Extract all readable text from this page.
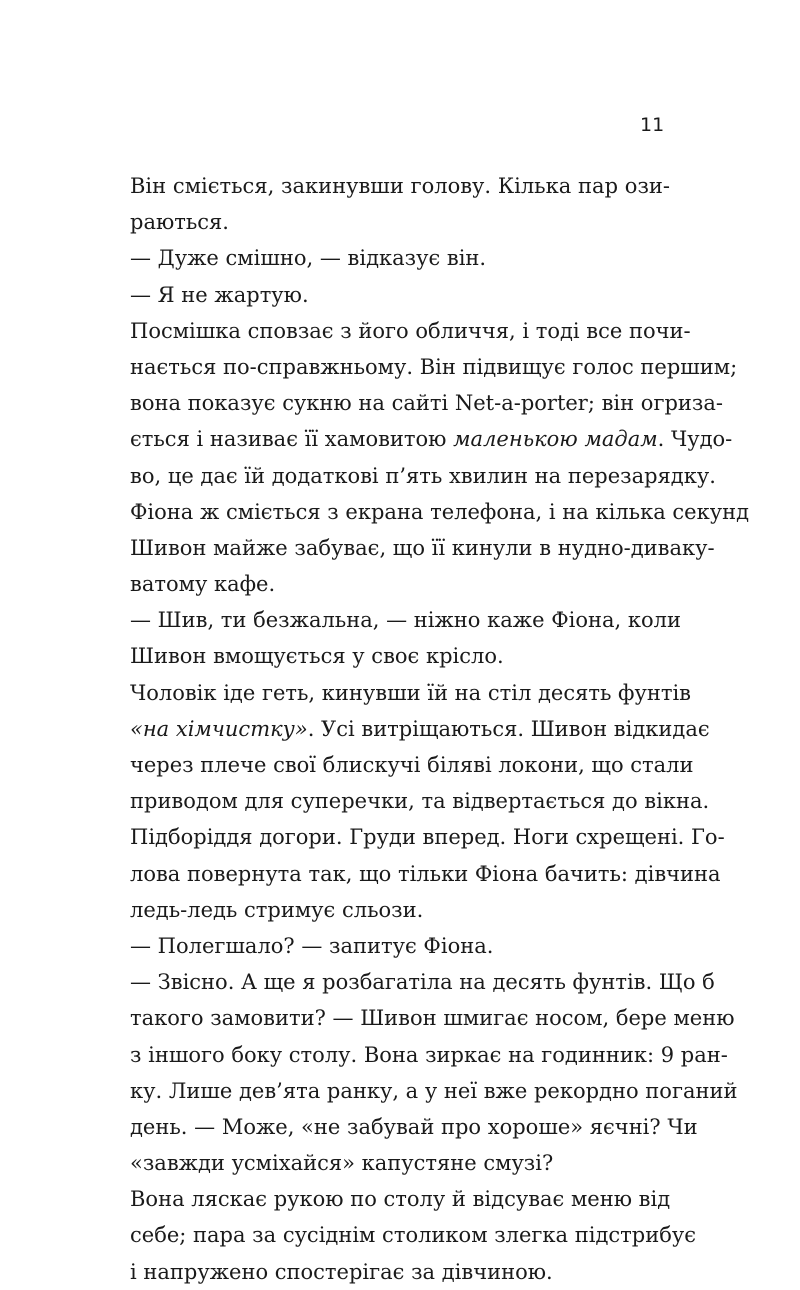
11
Він сміється, закинувши голову. Кілька пар ози-
раються.
— Дуже смішно, — відказує він.
— Я не жартую.
Посмішка сповзає з його обличчя, і тоді все почи-
нається по-справжньому. Він підвищує голос першим;
вона показує сукню на сайті Net-a-porter; він огриза-
ється і називає її хамовитою маленькою мадам. Чудо-
во, це дає їй додаткові п’ять хвилин на перезарядку.
Фіона ж сміється з екрана телефона, і на кілька секунд
Шивон майже забуває, що її кинули в нудно-диваку-
ватому кафе.
— Шив, ти безжальна, — ніжно каже Фіона, коли
Шивон вмощується у своє крісло.
Чоловік іде геть, кинувши їй на стіл десять фунтів
«на хімчистку». Усі витріщаються. Шивон відкидає
через плече свої блискучі біляві локони, що стали
приводом для суперечки, та відвертається до вікна.
Підборіддя догори. Груди вперед. Ноги схрещені. Го-
лова повернута так, що тільки Фіона бачить: дівчина
ледь-ледь стримує сльози.
— Полегшало? — запитує Фіона.
— Звісно. А ще я розбагатіла на десять фунтів. Що б
такого замовити? — Шивон шмигає носом, бере меню
з іншого боку столу. Вона зиркає на годинник: 9 ран-
ку. Лише дев’ята ранку, а у неї вже рекордно поганий
день. — Може, «не забувай про хороше» яєчні? Чи
«завжди усміхайся» капустяне смузі?
Вона ляскає рукою по столу й відсуває меню від
себе; пара за сусіднім столиком злегка підстрибує
і напружено спостерігає за дівчиною.
